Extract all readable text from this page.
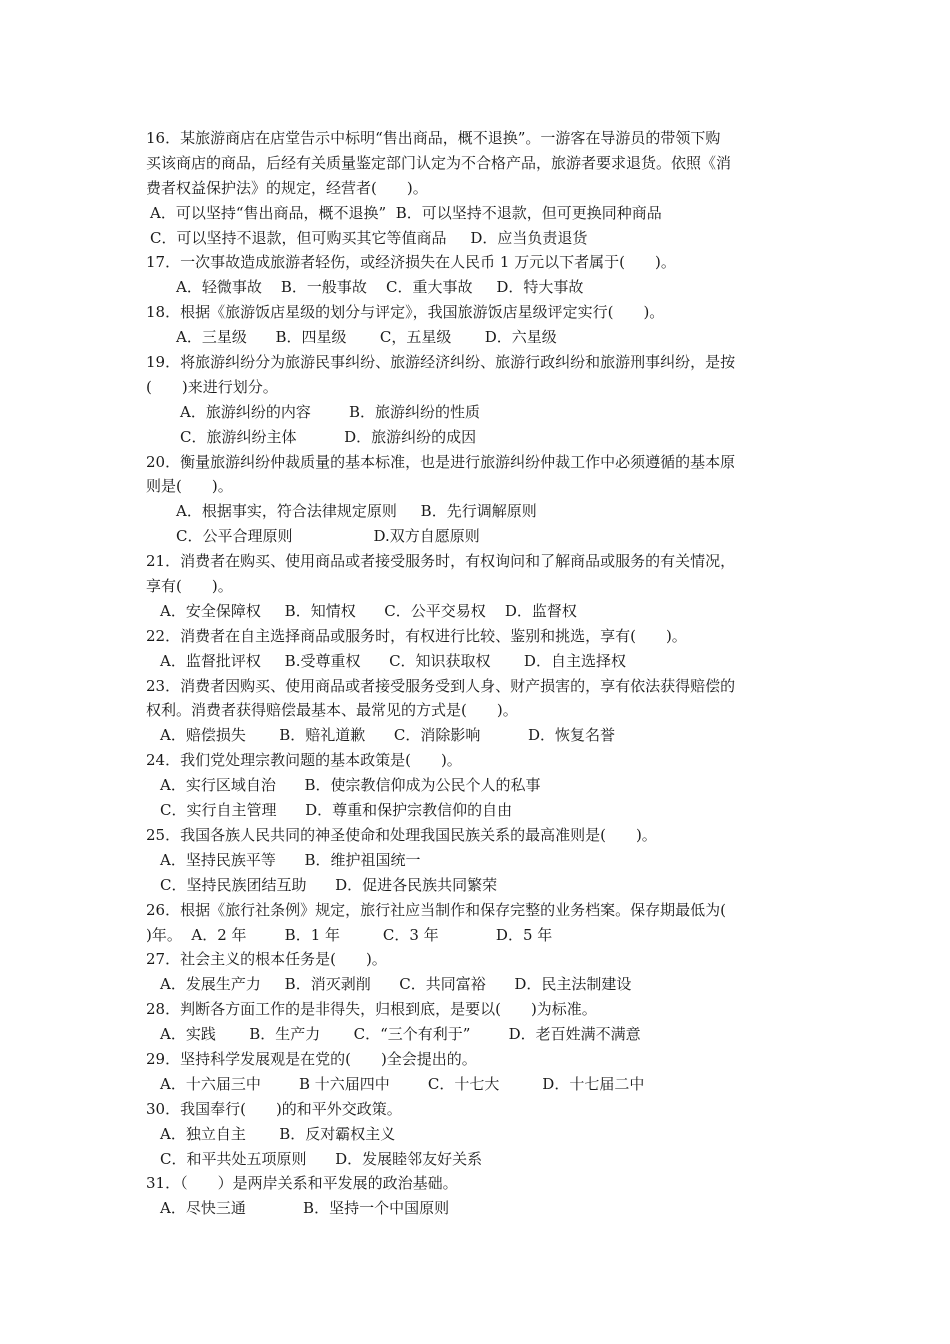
16．某旅游商店在店堂告示中标明“售出商品，概不退换”。一游客在导游员的带领下购
买该商店的商品，后经有关质量鉴定部门认定为不合格产品，旅游者要求退货。依照《消
费者权益保护法》的规定，经营者(　　)。
A．可以坚持“售出商品，概不退换”  B．可以坚持不退款，但可更换同种商品
C．可以坚持不退款，但可购买其它等值商品     D．应当负责退货
17．一次事故造成旅游者轻伤，或经济损失在人民币 1 万元以下者属于(　　)。
A．轻微事故    B．一般事故    C．重大事故     D．特大事故
18．根据《旅游饭店星级的划分与评定》，我国旅游饭店星级评定实行(　　)。
A．三星级      B．四星级       C，五星级       D．六星级
19．将旅游纠纷分为旅游民事纠纷、旅游经济纠纷、旅游行政纠纷和旅游刑事纠纷，是按
(　　)来进行划分。
A．旅游纠纷的内容        B．旅游纠纷的性质
C．旅游纠纷主体          D．旅游纠纷的成因
20．衡量旅游纠纷仲裁质量的基本标准，也是进行旅游纠纷仲裁工作中必须遵循的基本原
则是(　　)。
A．根据事实，符合法律规定原则     B．先行调解原则
C．公平合理原则                 D.双方自愿原则
21．消费者在购买、使用商品或者接受服务时，有权询问和了解商品或服务的有关情况，
享有(　　)。
A．安全保障权     B．知情权      C．公平交易权    D．监督权
22．消费者在自主选择商品或服务时，有权进行比较、鉴别和挑选，享有(　　)。
A．监督批评权     B.受尊重权      C．知识获取权       D．自主选择权
23．消费者因购买、使用商品或者接受服务受到人身、财产损害的，享有依法获得赔偿的
权利。消费者获得赔偿最基本、最常见的方式是(　　)。
A．赔偿损失       B．赔礼道歉      C．消除影响          D．恢复名誉
24．我们党处理宗教问题的基本政策是(　　)。
A．实行区域自治      B．使宗教信仰成为公民个人的私事
C．实行自主管理      D．尊重和保护宗教信仰的自由
25．我国各族人民共同的神圣使命和处理我国民族关系的最高准则是(　　)。
A．坚持民族平等      B．维护祖国统一
C．坚持民族团结互助      D．促进各民族共同繁荣
26．根据《旅行社条例》规定，旅行社应当制作和保存完整的业务档案。保存期最低为(
)年。  A．2 年        B．1 年         C．3 年            D．5 年
27．社会主义的根本任务是(　　)。
A．发展生产力     B．消灭剥削      C．共同富裕      D．民主法制建设
28．判断各方面工作的是非得失，归根到底，是要以(　　)为标准。
A．实践       B．生产力       C．“三个有利于”        D．老百姓满不满意
29．坚持科学发展观是在党的(　　)全会提出的。
A．十六届三中        B 十六届四中        C．十七大         D．十七届二中
30．我国奉行(　　)的和平外交政策。
A．独立自主       B．反对霸权主义
C．和平共处五项原则      D．发展睦邻友好关系
31．（　　）是两岸关系和平发展的政治基础。
A．尽快三通            B．坚持一个中国原则
